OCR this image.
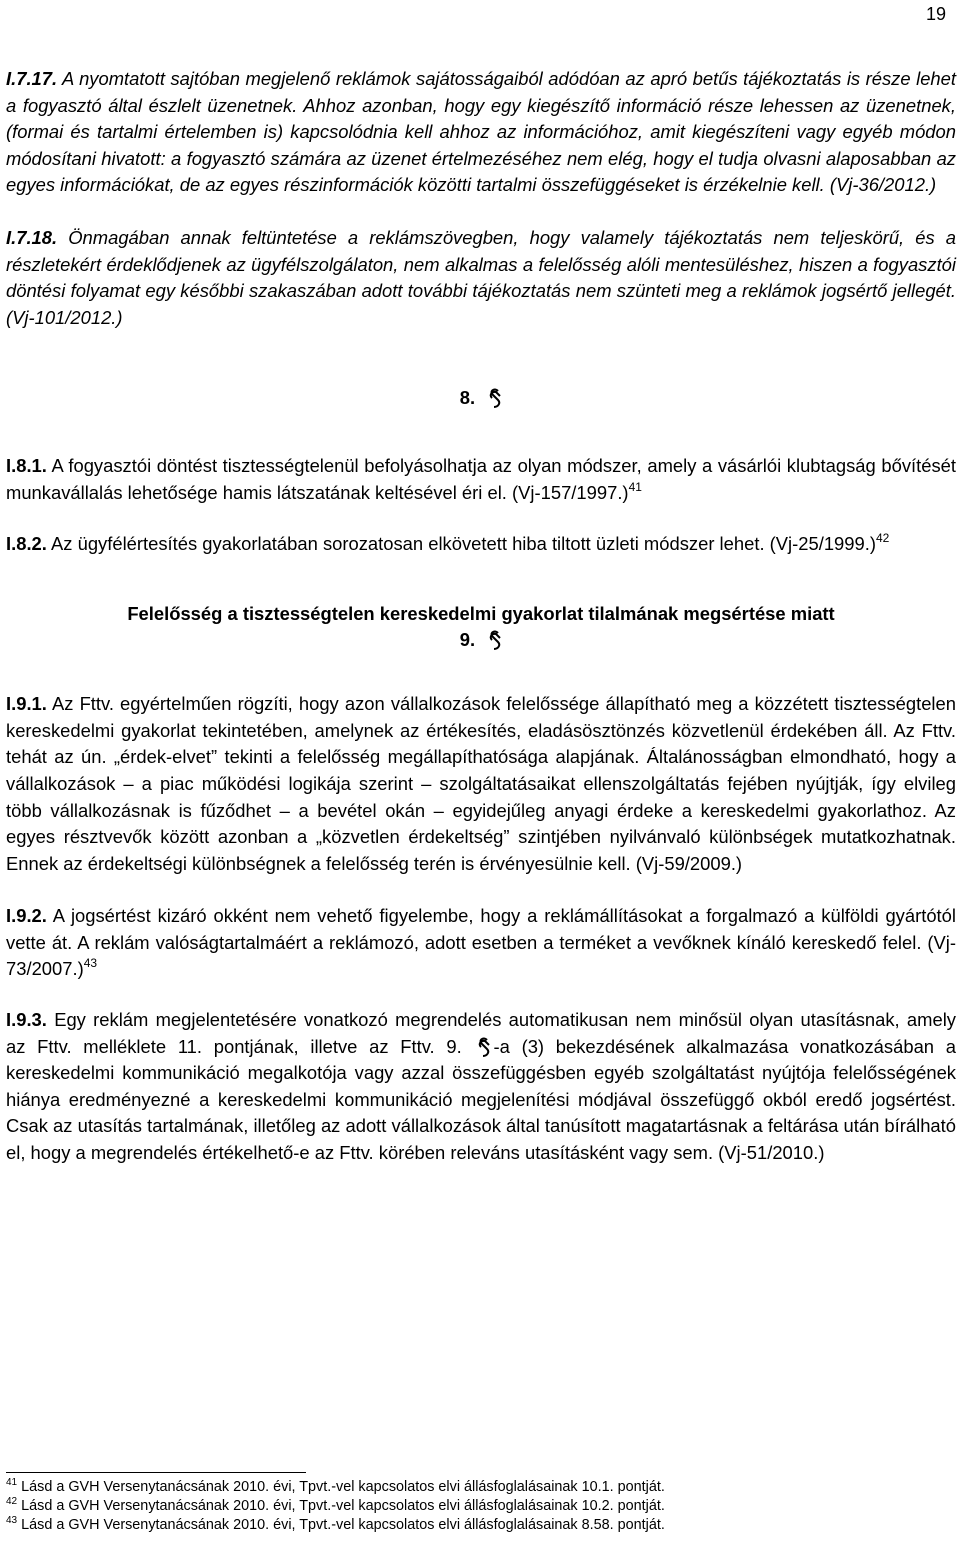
19

I.7.17. A nyomtatott sajtóban megjelenő reklámok sajátosságaiból adódóan az apró betűs tájékoztatás is része lehet a fogyasztó által észlelt üzenetnek. Ahhoz azonban, hogy egy kiegészítő információ része lehessen az üzenetnek, (formai és tartalmi értelemben is) kapcsolódnia kell ahhoz az információhoz, amit kiegészíteni vagy egyéb módon módosítani hivatott: a fogyasztó számára az üzenet értelmezéséhez nem elég, hogy el tudja olvasni alaposabban az egyes információkat, de az egyes részinformációk közötti tartalmi összefüggéseket is érzékelnie kell. (Vj-36/2012.)

I.7.18. Önmagában annak feltüntetése a reklámszövegben, hogy valamely tájékoztatás nem teljeskörű, és a részletekért érdeklődjenek az ügyfélszolgálaton, nem alkalmas a felelősség alóli mentesüléshez, hiszen a fogyasztói döntési folyamat egy későbbi szakaszában adott további tájékoztatás nem szünteti meg a reklámok jogsértő jellegét. (Vj-101/2012.)

8.

I.8.1. A fogyasztói döntést tisztességtelenül befolyásolhatja az olyan módszer, amely a vásárlói klubtagság bővítését munkavállalás lehetősége hamis látszatának keltésével éri el. $(Vj-157/1997.)^{41}$

I.8.2. Az ügyfélértesítés gyakorlatában sorozatosan elkövetett hiba tiltott üzleti módszer lehet. $(Vj-25/1999.)^{42}$

Felelősség a tisztességtelen kereskedelmi gyakorlat tilalmának megsértése miatt
9.

I.9.1. Az Fttv. egyértelműen rögzíti, hogy azon vállalkozások felelőssége állapítható meg a közzétett tisztességtelen kereskedelmi gyakorlat tekintetében, amelynek az értékesítés, eladásösztönzés közvetlenül érdekében áll. Az Fttv. tehát az ún. „érdek-elvet” tekinti a felelősség megállapíthatósága alapjának. Általánosságban elmondható, hogy a vállalkozások – a piac működési logikája szerint – szolgáltatásaikat ellenszolgáltatás fejében nyújtják, így elvileg több vállalkozásnak is fűződhet – a bevétel okán – egyidejűleg anyagi érdeke a kereskedelmi gyakorlathoz. Az egyes résztvevők között azonban a „közvetlen érdekeltség” szintjében nyilvánvaló különbségek mutatkozhatnak. Ennek az érdekeltségi különbségnek a felelősség terén is érvényesülnie kell. (Vj-59/2009.)

I.9.2. A jogsértést kizáró okként nem vehető figyelembe, hogy a reklámállításokat a forgalmazó a külföldi gyártótól vette át. A reklám valóságtartalmáért a reklámozó, adott esetben a terméket a vevőknek kínáló kereskedő felel. $(Vj-73/2007.)^{43}$

I.9.3. Egy reklám megjelentetésére vonatkozó megrendelés automatikusan nem minősül olyan utasításnak, amely az Fttv. melléklete 11. pontjának, illetve az Fttv. 9. -a (3) bekezdésének alkalmazása vonatkozásában a kereskedelmi kommunikáció megalkotója vagy azzal összefüggésben egyéb szolgáltatást nyújtója felelősségének hiánya eredményezné a kereskedelmi kommunikáció megjelenítési módjával összefüggő okból eredő jogsértést. Csak az utasítás tartalmának, illetőleg az adott vállalkozások által tanúsított magatartásnak a feltárása után bírálható el, hogy a megrendelés értékelhető-e az Fttv. körében releváns utasításként vagy sem. (Vj-51/2010.)

$^{41}$ Lásd a GVH Versenytanácsának 2010. évi, Tpvt.-vel kapcsolatos elvi állásfoglalásainak 10.1. pontját.

$^{42}$ Lásd a GVH Versenytanácsának 2010. évi, Tpvt.-vel kapcsolatos elvi állásfoglalásainak 10.2. pontját.

$^{43}$ Lásd a GVH Versenytanácsának 2010. évi, Tpvt.-vel kapcsolatos elvi állásfoglalásainak 8.58. pontját.
